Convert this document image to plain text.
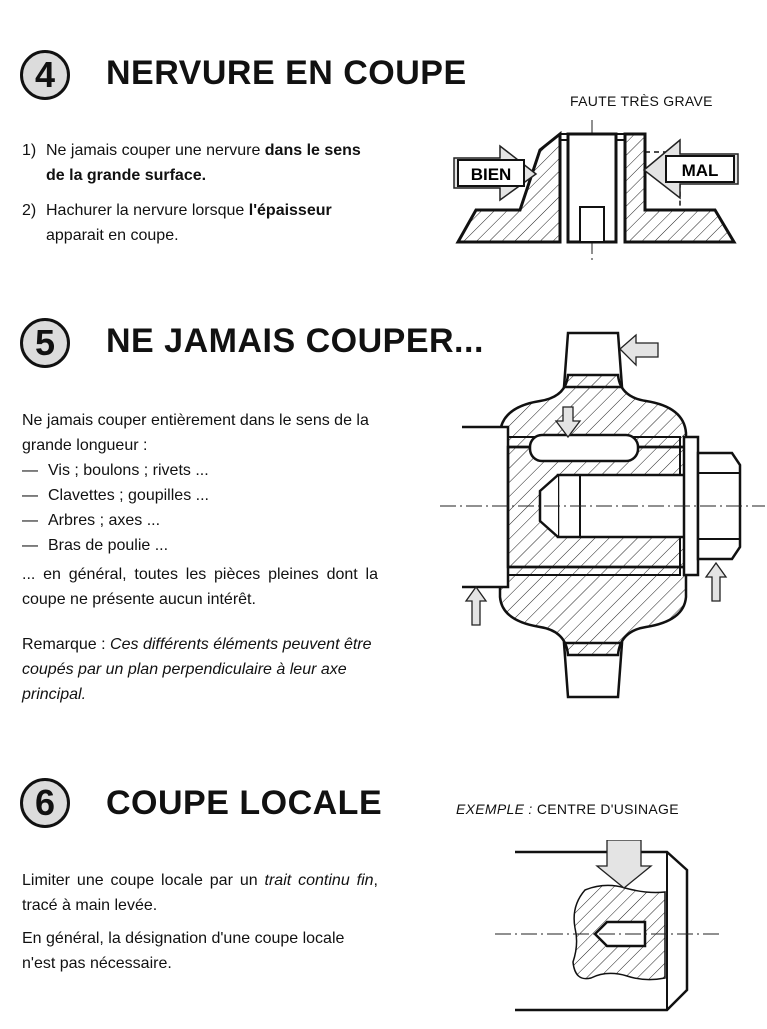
4	NERVURE EN COUPE
FAUTE TRÈS GRAVE
1) Ne jamais couper une nervure dans le sens de la grande surface.
2) Hachurer la nervure lorsque l'épaisseur apparait en coupe.
BIEN	MAL
5	NE JAMAIS COUPER...
Ne jamais couper entièrement dans le sens de la grande longueur :
— Vis ; boulons ; rivets ...
— Clavettes ; goupilles ...
— Arbres ; axes ...
— Bras de poulie ...
... en général, toutes les pièces pleines dont la coupe ne présente aucun intérêt.
Remarque : Ces différents éléments peuvent être coupés par un plan perpendiculaire à leur axe principal.
6	COUPE LOCALE	EXEMPLE : CENTRE D'USINAGE
Limiter une coupe locale par un trait continu fin, tracé à main levée.
En général, la désignation d'une coupe locale n'est pas nécessaire.
